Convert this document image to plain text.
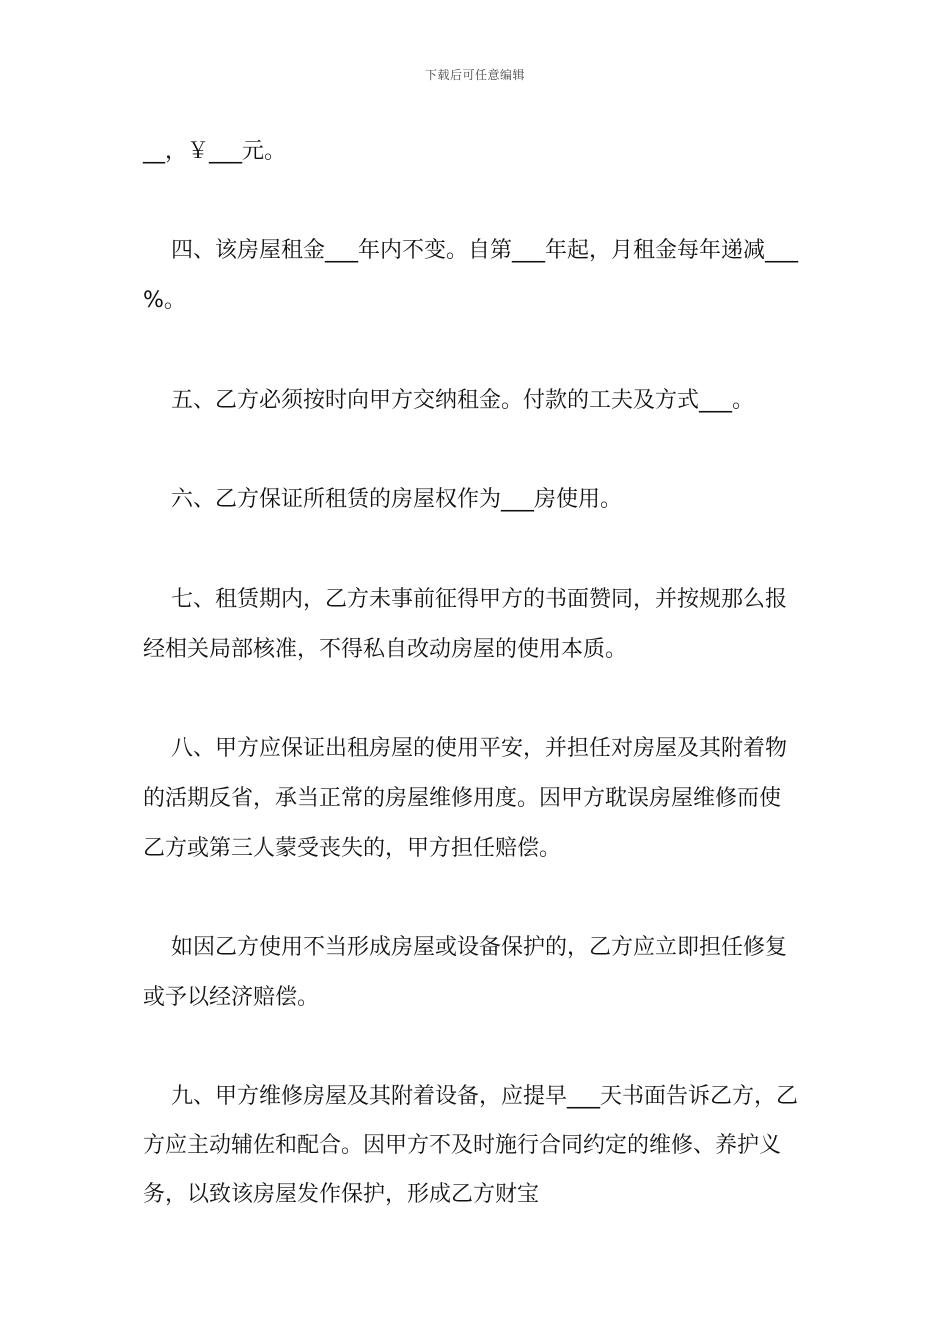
下载后可任意编辑
__，￥___元。
四、该房屋租金___年内不变。自第___年起，月租金每年递减___
%。
五、乙方必须按时向甲方交纳租金。付款的工夫及方式___。
六、乙方保证所租赁的房屋权作为___房使用。
七、租赁期内，乙方未事前征得甲方的书面赞同，并按规那么报
经相关局部核准，不得私自改动房屋的使用本质。
八、甲方应保证出租房屋的使用平安，并担任对房屋及其附着物
的活期反省，承当正常的房屋维修用度。因甲方耽误房屋维修而使
乙方或第三人蒙受丧失的，甲方担任赔偿。
如因乙方使用不当形成房屋或设备保护的，乙方应立即担任修复
或予以经济赔偿。
九、甲方维修房屋及其附着设备，应提早___天书面告诉乙方，乙
方应主动辅佐和配合。因甲方不及时施行合同约定的维修、养护义
务，以致该房屋发作保护，形成乙方财宝
